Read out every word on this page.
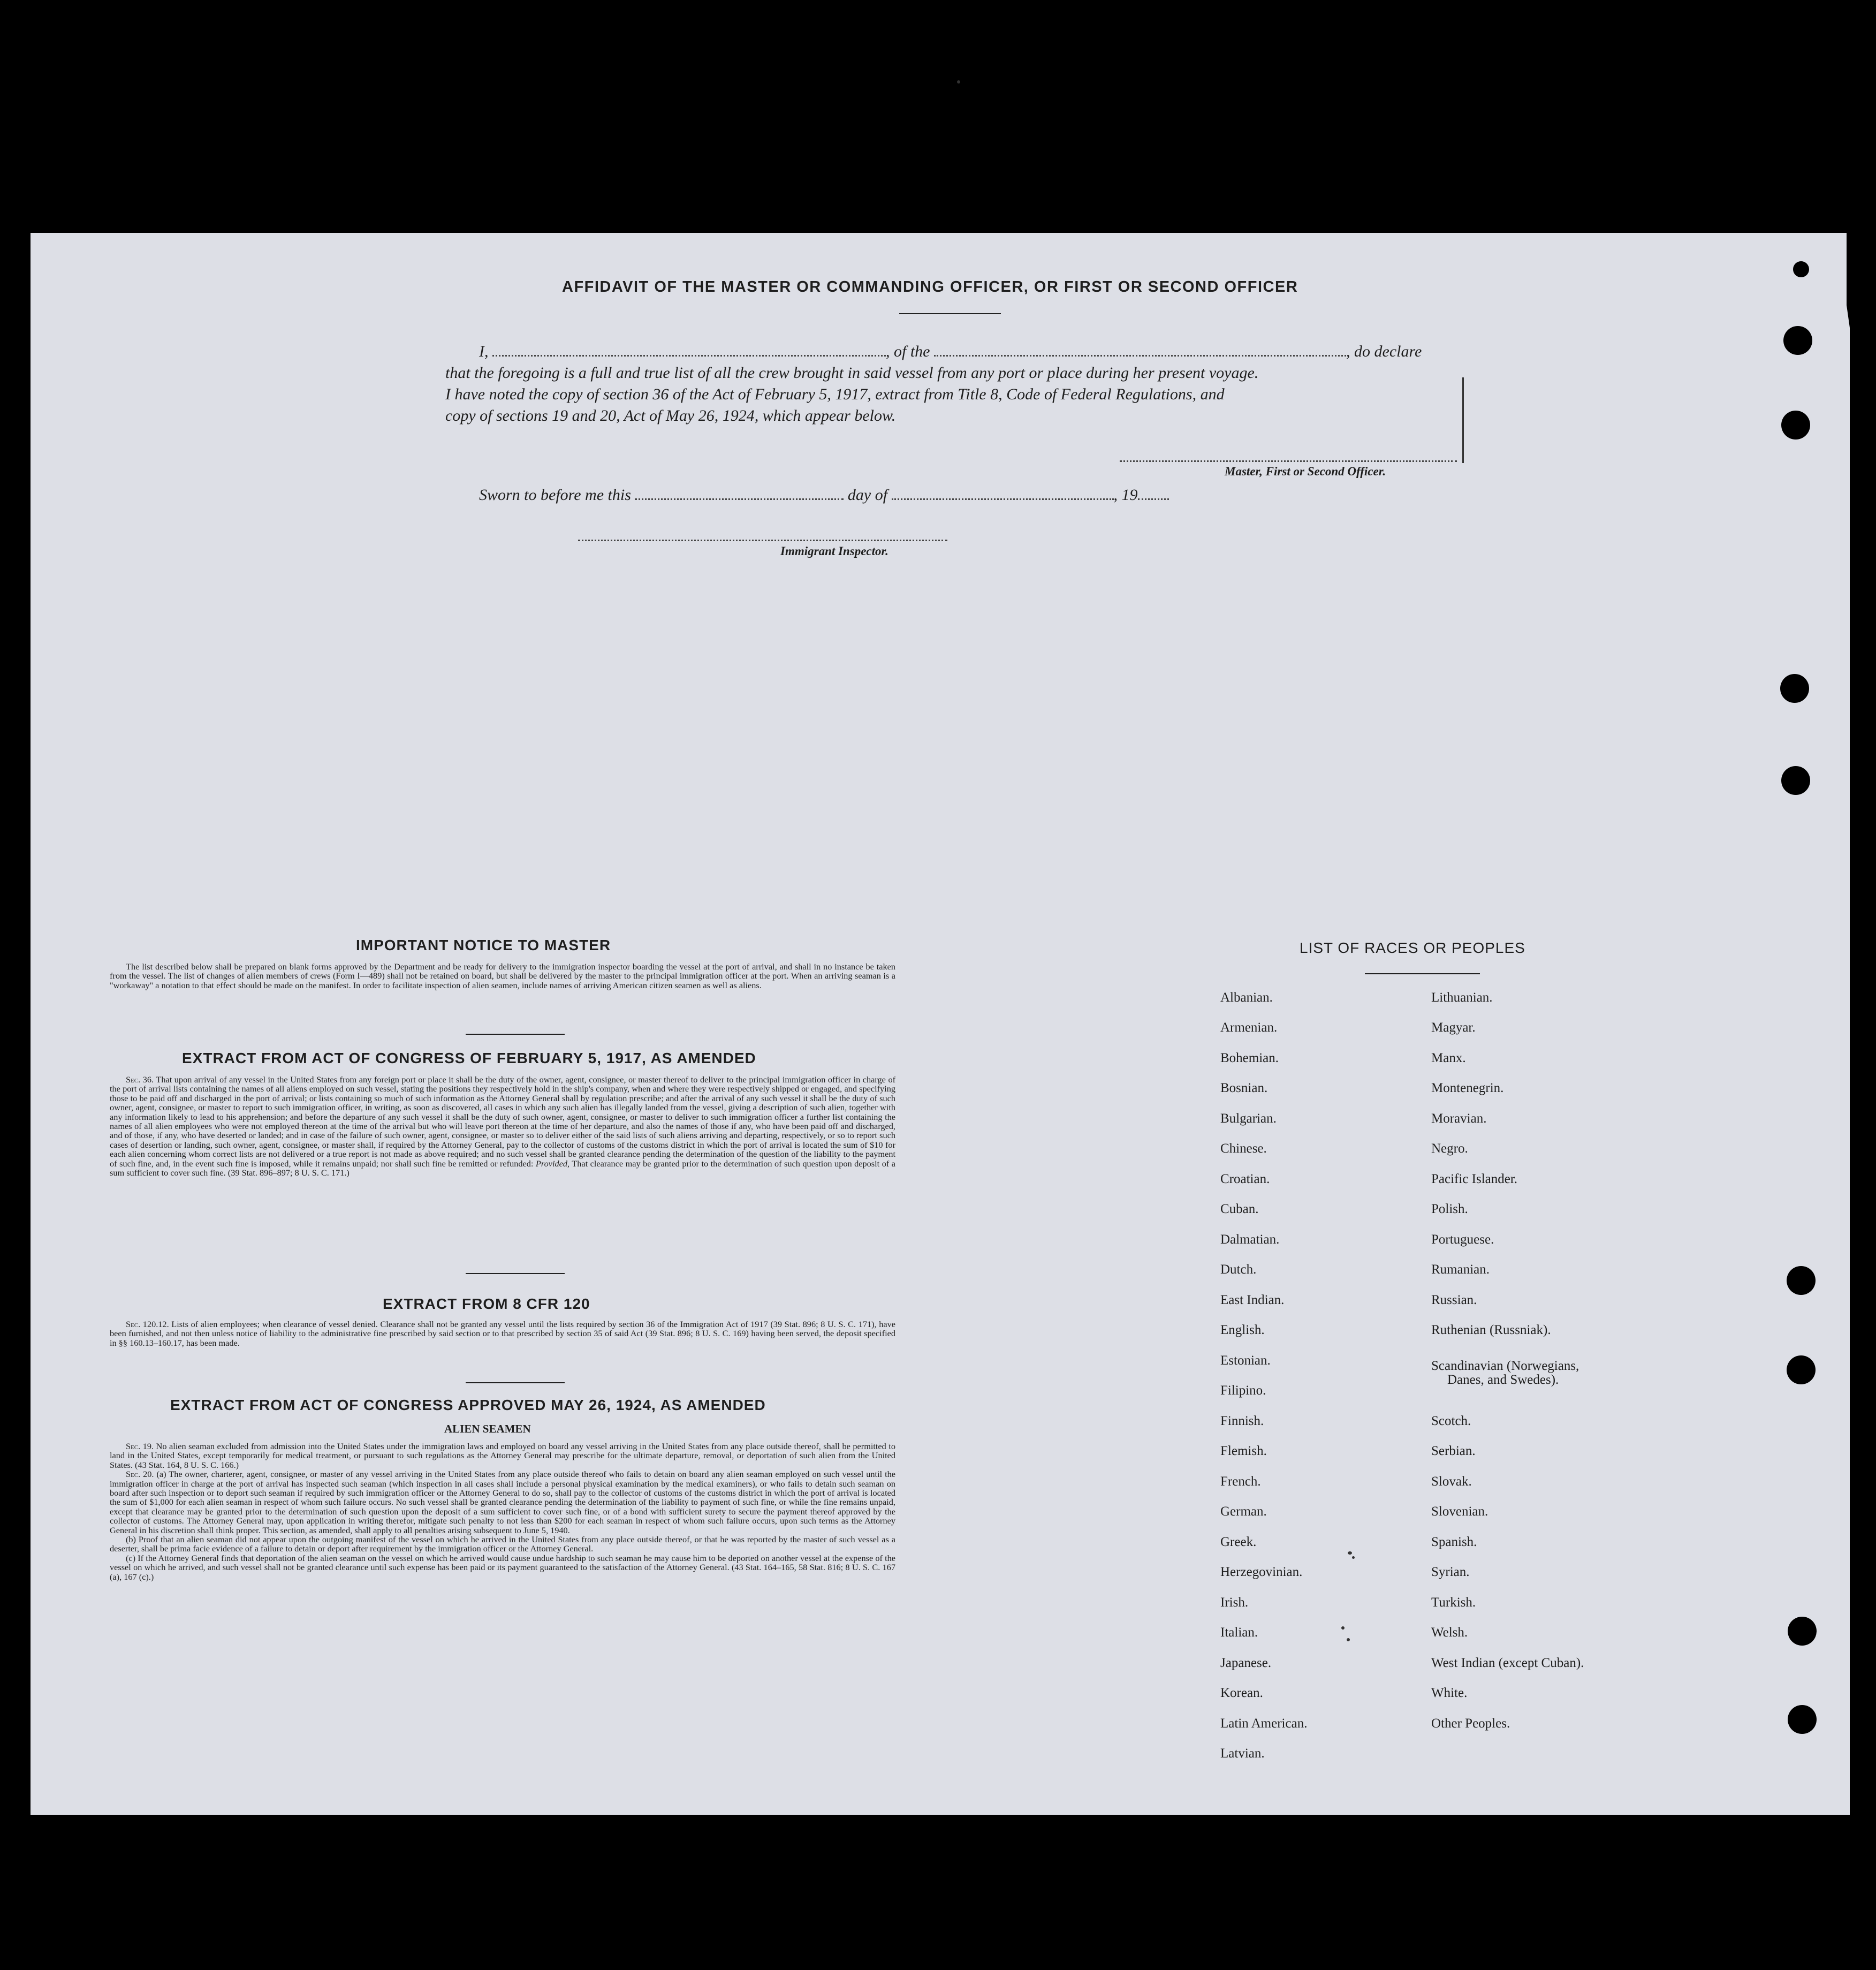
AFFIDAVIT OF THE MASTER OR COMMANDING OFFICER, OR FIRST OR SECOND OFFICER
I,	, of the	, do declare
that the foregoing is a full and true list of all the crew brought in said vessel from any port or place during her present voyage.
I have noted the copy of section 36 of the Act of February 5, 1917, extract from Title 8, Code of Federal Regulations, and
copy of sections 19 and 20, Act of May 26, 1924, which appear below.
Master, First or Second Officer.
Sworn to before me this	day of	, 19
Immigrant Inspector.
IMPORTANT NOTICE TO MASTER

The list described below shall be prepared on blank forms approved by the Department and be ready for delivery to the immigration inspector boarding the vessel at the port of arrival, and shall in no instance be taken from the vessel. The list of changes of alien members of crews (Form I—489) shall not be retained on board, but shall be delivered by the master to the principal immigration officer at the port. When an arriving seaman is a "workaway" a notation to that effect should be made on the manifest. In order to facilitate inspection of alien seamen, include names of arriving American citizen seamen as well as aliens.

EXTRACT FROM ACT OF CONGRESS OF FEBRUARY 5, 1917, AS AMENDED

Sec. 36. That upon arrival of any vessel in the United States from any foreign port or place it shall be the duty of the owner, agent, consignee, or master thereof to deliver to the principal immigration officer in charge of the port of arrival lists containing the names of all aliens employed on such vessel, stating the positions they respectively hold in the ship's company, when and where they were respectively shipped or engaged, and specifying those to be paid off and discharged in the port of arrival; or lists containing so much of such information as the Attorney General shall by regulation prescribe; and after the arrival of any such vessel it shall be the duty of such owner, agent, consignee, or master to report to such immigration officer, in writing, as soon as discovered, all cases in which any such alien has illegally landed from the vessel, giving a description of such alien, together with any information likely to lead to his apprehension; and before the departure of any such vessel it shall be the duty of such owner, agent, consignee, or master to deliver to such immigration officer a further list containing the names of all alien employees who were not employed thereon at the time of the arrival but who will leave port thereon at the time of her departure, and also the names of those if any, who have been paid off and discharged, and of those, if any, who have deserted or landed; and in case of the failure of such owner, agent, consignee, or master so to deliver either of the said lists of such aliens arriving and departing, respectively, or so to report such cases of desertion or landing, such owner, agent, consignee, or master shall, if required by the Attorney General, pay to the collector of customs of the customs district in which the port of arrival is located the sum of $10 for each alien concerning whom correct lists are not delivered or a true report is not made as above required; and no such vessel shall be granted clearance pending the determination of the question of the liability to the payment of such fine, and, in the event such fine is imposed, while it remains unpaid; nor shall such fine be remitted or refunded: Provided, That clearance may be granted prior to the determination of such question upon deposit of a sum sufficient to cover such fine. (39 Stat. 896–897; 8 U. S. C. 171.)

EXTRACT FROM 8 CFR 120

Sec. 120.12. Lists of alien employees; when clearance of vessel denied. Clearance shall not be granted any vessel until the lists required by section 36 of the Immigration Act of 1917 (39 Stat. 896; 8 U. S. C. 171), have been furnished, and not then unless notice of liability to the administrative fine prescribed by said section or to that prescribed by section 35 of said Act (39 Stat. 896; 8 U. S. C. 169) having been served, the deposit specified in §§ 160.13–160.17, has been made.

EXTRACT FROM ACT OF CONGRESS APPROVED MAY 26, 1924, AS AMENDED
ALIEN SEAMEN

Sec. 19. No alien seaman excluded from admission into the United States under the immigration laws and employed on board any vessel arriving in the United States from any place outside thereof, shall be permitted to land in the United States, except temporarily for medical treatment, or pursuant to such regulations as the Attorney General may prescribe for the ultimate departure, removal, or deportation of such alien from the United States. (43 Stat. 164, 8 U. S. C. 166.)

Sec. 20. (a) The owner, charterer, agent, consignee, or master of any vessel arriving in the United States from any place outside thereof who fails to detain on board any alien seaman employed on such vessel until the immigration officer in charge at the port of arrival has inspected such seaman (which inspection in all cases shall include a personal physical examination by the medical examiners), or who fails to detain such seaman on board after such inspection or to deport such seaman if required by such immigration officer or the Attorney General to do so, shall pay to the collector of customs of the customs district in which the port of arrival is located the sum of $1,000 for each alien seaman in respect of whom such failure occurs. No such vessel shall be granted clearance pending the determination of the liability to payment of such fine, or while the fine remains unpaid, except that clearance may be granted prior to the determination of such question upon the deposit of a sum sufficient to cover such fine, or of a bond with sufficient surety to secure the payment thereof approved by the collector of customs. The Attorney General may, upon application in writing therefor, mitigate such penalty to not less than $200 for each seaman in respect of whom such failure occurs, upon such terms as the Attorney General in his discretion shall think proper. This section, as amended, shall apply to all penalties arising subsequent to June 5, 1940.

(b) Proof that an alien seaman did not appear upon the outgoing manifest of the vessel on which he arrived in the United States from any place outside thereof, or that he was reported by the master of such vessel as a deserter, shall be prima facie evidence of a failure to detain or deport after requirement by the immigration officer or the Attorney General.

(c) If the Attorney General finds that deportation of the alien seaman on the vessel on which he arrived would cause undue hardship to such seaman he may cause him to be deported on another vessel at the expense of the vessel on which he arrived, and such vessel shall not be granted clearance until such expense has been paid or its payment guaranteed to the satisfaction of the Attorney General. (43 Stat. 164–165, 58 Stat. 816; 8 U. S. C. 167 (a), 167 (c).)

LIST OF RACES OR PEOPLES
Albanian.
Armenian.
Bohemian.
Bosnian.
Bulgarian.
Chinese.
Croatian.
Cuban.
Dalmatian.
Dutch.
East Indian.
English.
Estonian.
Filipino.
Finnish.
Flemish.
French.
German.
Greek.
Herzegovinian.
Irish.
Italian.
Japanese.
Korean.
Latin American.
Latvian.
Lithuanian.
Magyar.
Manx.
Montenegrin.
Moravian.
Negro.
Pacific Islander.
Polish.
Portuguese.
Rumanian.
Russian.
Ruthenian (Russniak).
Scandinavian (Norwegians,
Danes, and Swedes).
Scotch.
Serbian.
Slovak.
Slovenian.
Spanish.
Syrian.
Turkish.
Welsh.
West Indian (except Cuban).
White.
Other Peoples.
